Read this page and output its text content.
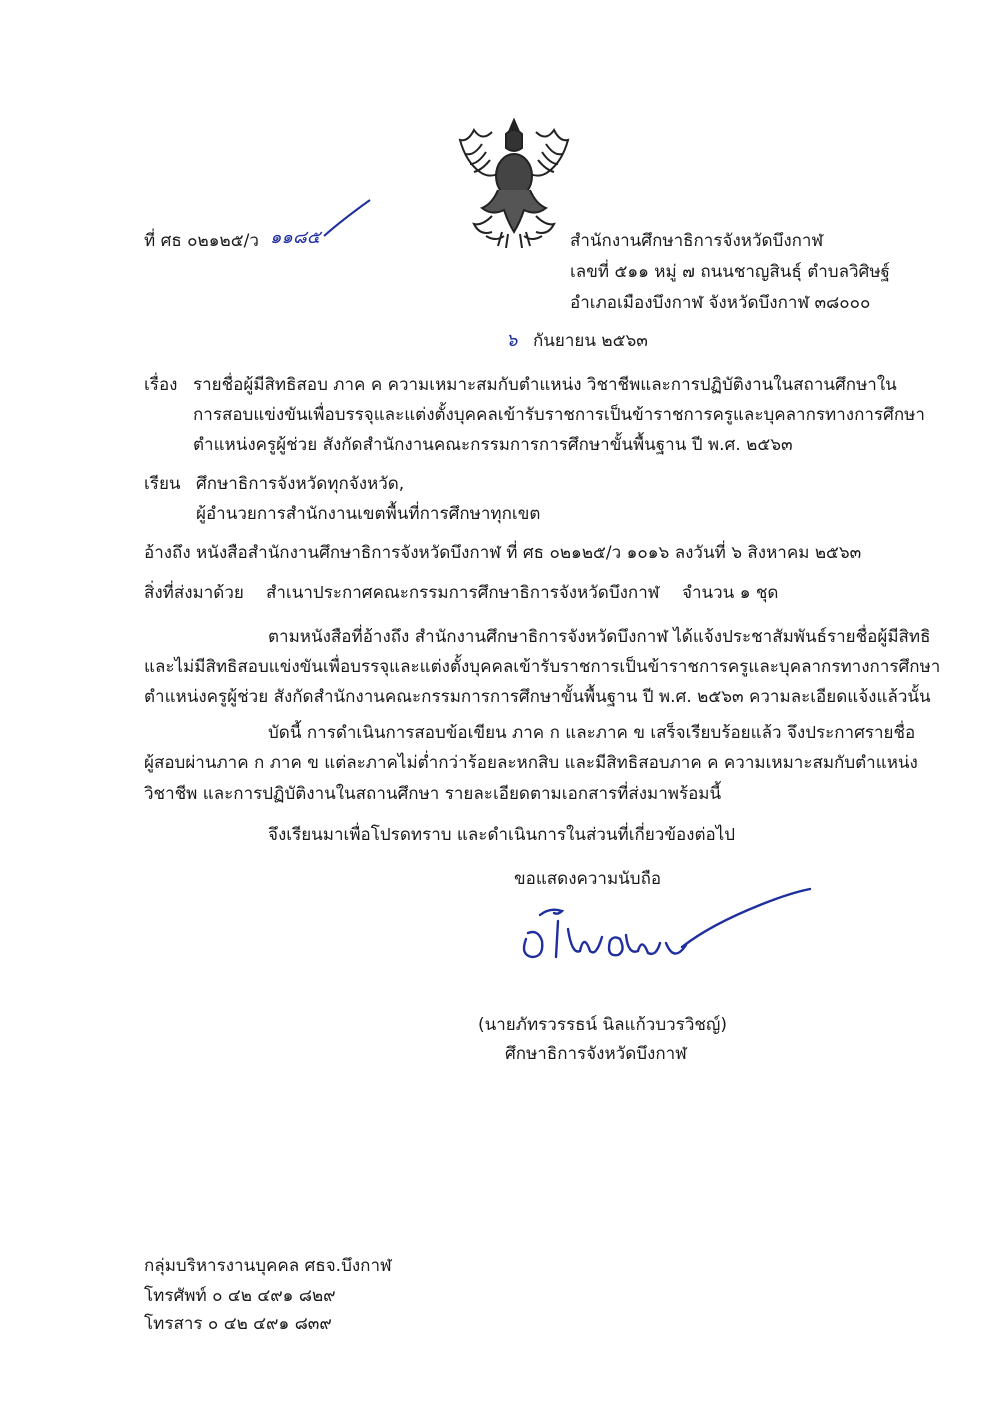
ที่ ศธ ๐๒๑๒๕/ว ๑๑๘๕	สำนักงานศึกษาธิการจังหวัดบึงกาฬ
เลขที่ ๕๑๑ หมู่ ๗ ถนนชาญสินธุ์ ตำบลวิศิษฐ์
อำเภอเมืองบึงกาฬ จังหวัดบึงกาฬ ๓๘๐๐๐
๖ กันยายน ๒๕๖๓
เรื่อง รายชื่อผู้มีสิทธิสอบ ภาค ค ความเหมาะสมกับตำแหน่ง วิชาชีพและการปฏิบัติงานในสถานศึกษาใน
การสอบแข่งขันเพื่อบรรจุและแต่งตั้งบุคคลเข้ารับราชการเป็นข้าราชการครูและบุคลากรทางการศึกษา
ตำแหน่งครูผู้ช่วย สังกัดสำนักงานคณะกรรมการการศึกษาขั้นพื้นฐาน ปี พ.ศ. ๒๕๖๓
เรียน ศึกษาธิการจังหวัดทุกจังหวัด,
ผู้อำนวยการสำนักงานเขตพื้นที่การศึกษาทุกเขต
อ้างถึง หนังสือสำนักงานศึกษาธิการจังหวัดบึงกาฬ ที่ ศธ ๐๒๑๒๕/ว ๑๐๑๖ ลงวันที่ ๖ สิงหาคม ๒๕๖๓
สิ่งที่ส่งมาด้วย สำเนาประกาศคณะกรรมการศึกษาธิการจังหวัดบึงกาฬ จำนวน ๑ ชุด
ตามหนังสือที่อ้างถึง สำนักงานศึกษาธิการจังหวัดบึงกาฬ ได้แจ้งประชาสัมพันธ์รายชื่อผู้มีสิทธิ
และไม่มีสิทธิสอบแข่งขันเพื่อบรรจุและแต่งตั้งบุคคลเข้ารับราชการเป็นข้าราชการครูและบุคลากรทางการศึกษา
ตำแหน่งครูผู้ช่วย สังกัดสำนักงานคณะกรรมการการศึกษาขั้นพื้นฐาน ปี พ.ศ. ๒๕๖๓ ความละเอียดแจ้งแล้วนั้น
บัดนี้ การดำเนินการสอบข้อเขียน ภาค ก และภาค ข เสร็จเรียบร้อยแล้ว จึงประกาศรายชื่อ
ผู้สอบผ่านภาค ก ภาค ข แต่ละภาคไม่ต่ำกว่าร้อยละหกสิบ และมีสิทธิสอบภาค ค ความเหมาะสมกับตำแหน่ง
วิชาชีพ และการปฏิบัติงานในสถานศึกษา รายละเอียดตามเอกสารที่ส่งมาพร้อมนี้
จึงเรียนมาเพื่อโปรดทราบ และดำเนินการในส่วนที่เกี่ยวข้องต่อไป
ขอแสดงความนับถือ
(นายภัทรวรรธน์ นิลแก้วบวรวิชญ์)
ศึกษาธิการจังหวัดบึงกาฬ
กลุ่มบริหารงานบุคคล ศธจ.บึงกาฬ
โทรศัพท์ ๐ ๔๒ ๔๙๑ ๘๒๙
โทรสาร ๐ ๔๒ ๔๙๑ ๘๓๙
